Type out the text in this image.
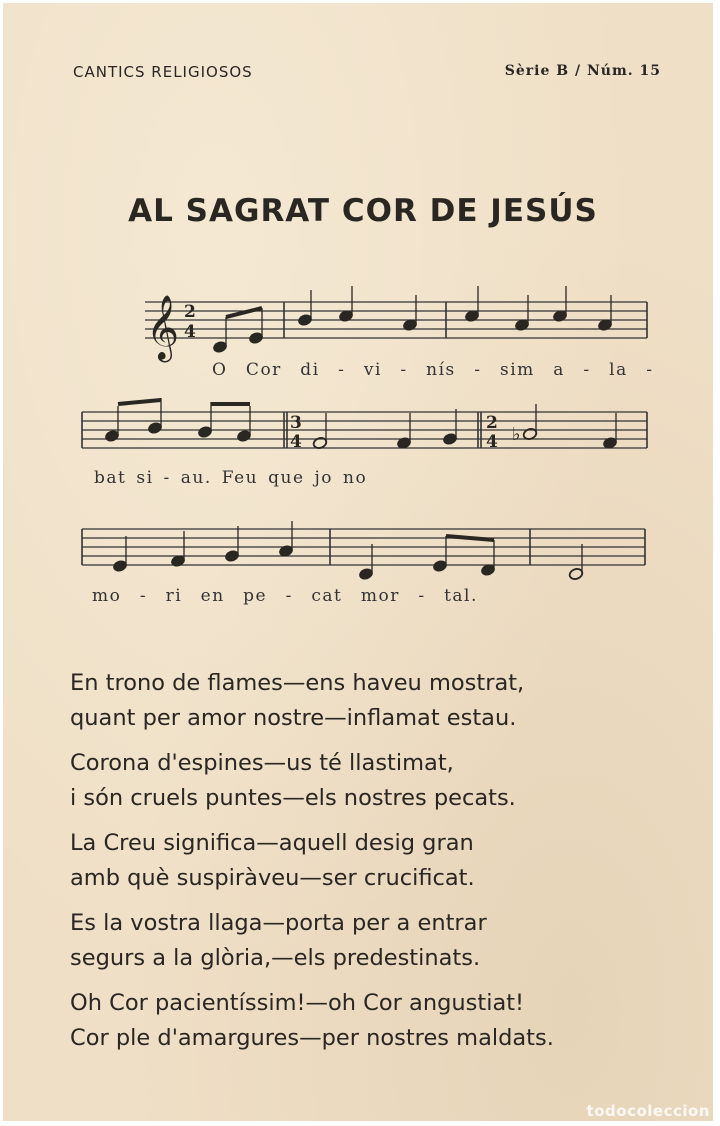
CANTICS RELIGIOSOS	Sèrie B / Núm. 15
AL SAGRAT COR DE JESÚS
𝄞 2
4
3
4
2
4 ♭
O Cor di - vi - nís - sim a - la -
bat si - au. Feu que jo no
mo - ri en pe - cat mor - tal.
En trono de flames—ens haveu mostrat,
quant per amor nostre—inflamat estau.
Corona d'espines—us té llastimat,
i són cruels puntes—els nostres pecats.
La Creu significa—aquell desig gran
amb què suspiràveu—ser crucificat.
Es la vostra llaga—porta per a entrar
segurs a la glòria,—els predestinats.
Oh Cor pacientíssim!—oh Cor angustiat!
Cor ple d'amargures—per nostres maldats.
todocoleccion
